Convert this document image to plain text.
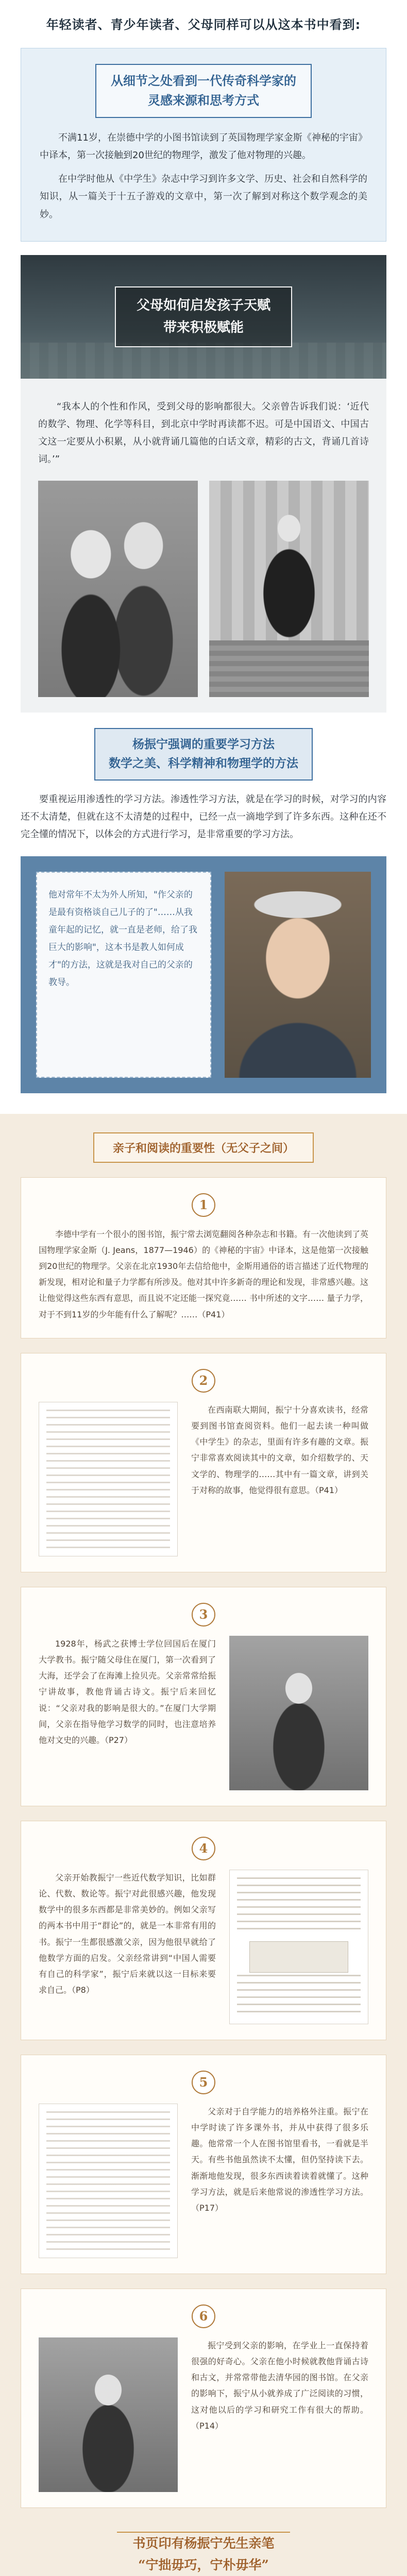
年轻读者、青少年读者、父母同样可以从这本书中看到:
从细节之处看到一代传奇科学家的
灵感来源和思考方式

不满11岁，在崇德中学的小图书馆读到了英国物理学家金斯《神秘的宇宙》中译本，第一次接触到20世纪的物理学，激发了他对物理的兴趣。

在中学时他从《中学生》杂志中学习到许多文学、历史、社会和自然科学的知识，从一篇关于十五子游戏的文章中，第一次了解到对称这个数学观念的美妙。

父母如何启发孩子天赋
带来积极赋能

“我本人的个性和作风，受到父母的影响都很大。父亲曾告诉我们说：‘近代的数学、物理、化学等科目，到北京中学时再读都不迟。可是中国语文、中国古文这一定要从小积累，从小就背诵几篇他的白话文章，精彩的古文，背诵几首诗词。’”

杨振宁强调的重要学习方法
数学之美、科学精神和物理学的方法

要重视运用渗透性的学习方法。渗透性学习方法，就是在学习的时候，对学习的内容还不太清楚，但就在这不太清楚的过程中，已经一点一滴地学到了许多东西。这种在还不完全懂的情况下，以体会的方式进行学习，是非常重要的学习方法。

他对常年不太为外人所知，"作父亲的是最有资格谈自己儿子的了"……从我童年起的记忆，就一直是老师，给了我巨大的影响"，这本书是教人如何成才"的方法，这就是我对自己的父亲的教导。
亲子和阅读的重要性（无父子之间）
1

李德中学有一个很小的图书馆，振宁常去浏览翻阅各种杂志和书籍。有一次他读到了英国物理学家金斯（J. Jeans，1877—1946）的《神秘的宇宙》中译本，这是他第一次接触到20世纪的物理学。父亲在北京1930年去信给他中，金斯用通俗的语言描述了近代物理的新发现，相对论和量子力学都有所涉及。他对其中许多新奇的理论和发现，非常感兴趣。这让他觉得这些东西有意思，而且说不定还能一探究竟…… 书中所述的文字…… 量子力学，对于不到11岁的少年能有什么了解呢？……（P41）

2

在西南联大期间，振宁十分喜欢读书，经常要到图书馆查阅资料。他们一起去读一种叫做《中学生》的杂志，里面有许多有趣的文章。振宁非常喜欢阅读其中的文章，如介绍数学的、天文学的、物理学的……其中有一篇文章，讲到关于对称的故事，他觉得很有意思。（P41）

3

1928年，杨武之获博士学位回国后在厦门大学教书。振宁随父母住在厦门，第一次看到了大海，还学会了在海滩上捡贝壳。父亲常常给振宁讲故事，教他背诵古诗文。振宁后来回忆说：“父亲对我的影响是很大的。”在厦门大学期间，父亲在指导他学习数学的同时，也注意培养他对文史的兴趣。（P27）

4

父亲开始教振宁一些近代数学知识，比如群论、代数、数论等。振宁对此很感兴趣，他发现数学中的很多东西都是非常美妙的。例如父亲写的两本书中用于“群论”的，就是一本非常有用的书。振宁一生都很感激父亲，因为他很早就给了他数学方面的启发。父亲经常讲到“中国人需要有自己的科学家”，振宁后来就以这一目标来要求自己。（P8）

5

父亲对于自学能力的培养格外注重。振宁在中学时读了许多课外书，并从中获得了很多乐趣。他常常一个人在图书馆里看书，一看就是半天。有些书他虽然读不太懂，但仍坚持读下去。渐渐地他发现，很多东西读着读着就懂了。这种学习方法，就是后来他常说的渗透性学习方法。（P17）

6

振宁受到父亲的影响，在学业上一直保持着很强的好奇心。父亲在他小时候就教他背诵古诗和古文，并常常带他去清华园的图书馆。在父亲的影响下，振宁从小就养成了广泛阅读的习惯，这对他以后的学习和研究工作有很大的帮助。（P14）

书页印有杨振宁先生亲笔
“宁拙毋巧，宁朴毋华”
